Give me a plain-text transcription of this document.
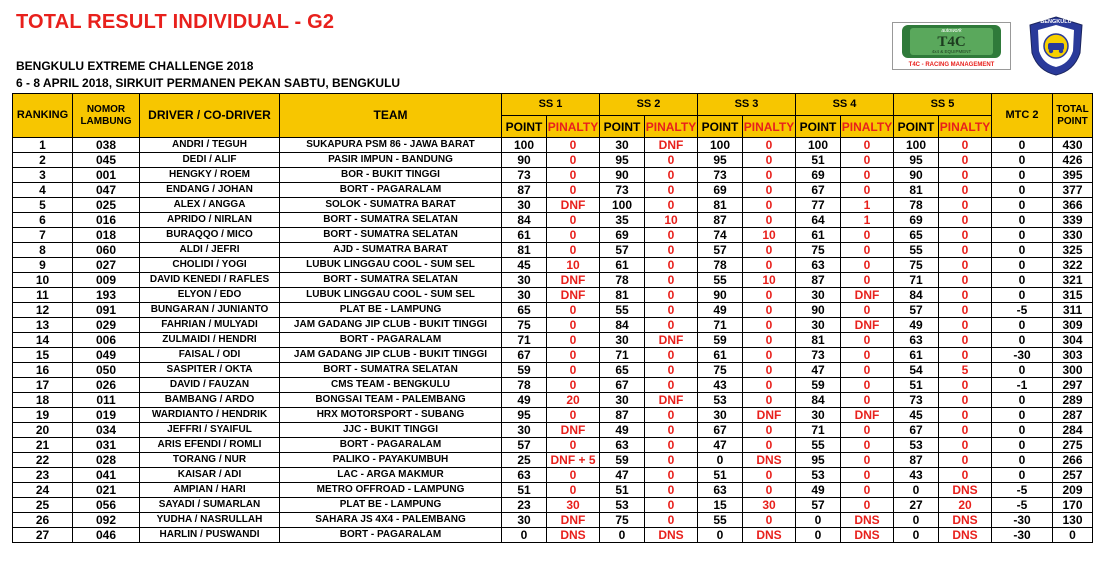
TOTAL RESULT INDIVIDUAL - G2
BENGKULU EXTREME CHALLENGE 2018
6 - 8 APRIL 2018, SIRKUIT PERMANEN PEKAN SABTU, BENGKULU
autowork
T4C
4x4 & EQUIPMENT
T4C - RACING MANAGEMENT
BENGKULU
RANKING	NOMOR LAMBUNG	DRIVER / CO-DRIVER	TEAM	SS 1		SS 2		SS 3		SS 4		SS 5		MTC 2	TOTAL POINT
				POINT	PINALTY	POINT	PINALTY	POINT	PINALTY	POINT	PINALTY	POINT	PINALTY		
1	038	ANDRI / TEGUH	SUKAPURA PSM 86 - JAWA BARAT	100	0	30	DNF	100	0	100	0	100	0	0	430
2	045	DEDI / ALIF	PASIR IMPUN - BANDUNG	90	0	95	0	95	0	51	0	95	0	0	426
3	001	HENGKY / ROEM	BOR - BUKIT TINGGI	73	0	90	0	73	0	69	0	90	0	0	395
4	047	ENDANG / JOHAN	BORT - PAGARALAM	87	0	73	0	69	0	67	0	81	0	0	377
5	025	ALEX / ANGGA	SOLOK - SUMATRA BARAT	30	DNF	100	0	81	0	77	1	78	0	0	366
6	016	APRIDO / NIRLAN	BORT - SUMATRA SELATAN	84	0	35	10	87	0	64	1	69	0	0	339
7	018	BURAQQO / MICO	BORT - SUMATRA SELATAN	61	0	69	0	74	10	61	0	65	0	0	330
8	060	ALDI / JEFRI	AJD - SUMATRA BARAT	81	0	57	0	57	0	75	0	55	0	0	325
9	027	CHOLIDI / YOGI	LUBUK LINGGAU COOL - SUM SEL	45	10	61	0	78	0	63	0	75	0	0	322
10	009	DAVID KENEDI / RAFLES	BORT - SUMATRA SELATAN	30	DNF	78	0	55	10	87	0	71	0	0	321
11	193	ELYON / EDO	LUBUK LINGGAU COOL - SUM SEL	30	DNF	81	0	90	0	30	DNF	84	0	0	315
12	091	BUNGARAN / JUNIANTO	PLAT BE - LAMPUNG	65	0	55	0	49	0	90	0	57	0	-5	311
13	029	FAHRIAN / MULYADI	JAM GADANG JIP CLUB - BUKIT TINGGI	75	0	84	0	71	0	30	DNF	49	0	0	309
14	006	ZULMAIDI / HENDRI	BORT - PAGARALAM	71	0	30	DNF	59	0	81	0	63	0	0	304
15	049	FAISAL / ODI	JAM GADANG JIP CLUB - BUKIT TINGGI	67	0	71	0	61	0	73	0	61	0	-30	303
16	050	SASPITER / OKTA	BORT - SUMATRA SELATAN	59	0	65	0	75	0	47	0	54	5	0	300
17	026	DAVID / FAUZAN	CMS TEAM - BENGKULU	78	0	67	0	43	0	59	0	51	0	-1	297
18	011	BAMBANG / ARDO	BONGSAI TEAM - PALEMBANG	49	20	30	DNF	53	0	84	0	73	0	0	289
19	019	WARDIANTO / HENDRIK	HRX MOTORSPORT - SUBANG	95	0	87	0	30	DNF	30	DNF	45	0	0	287
20	034	JEFFRI / SYAIFUL	JJC - BUKIT TINGGI	30	DNF	49	0	67	0	71	0	67	0	0	284
21	031	ARIS EFENDI / ROMLI	BORT - PAGARALAM	57	0	63	0	47	0	55	0	53	0	0	275
22	028	TORANG / NUR	PALIKO - PAYAKUMBUH	25	DNF + 5	59	0	0	DNS	95	0	87	0	0	266
23	041	KAISAR / ADI	LAC - ARGA MAKMUR	63	0	47	0	51	0	53	0	43	0	0	257
24	021	AMPIAN / HARI	METRO OFFROAD - LAMPUNG	51	0	51	0	63	0	49	0	0	DNS	-5	209
25	056	SAYADI / SUMARLAN	PLAT BE - LAMPUNG	23	30	53	0	15	30	57	0	27	20	-5	170
26	092	YUDHA / NASRULLAH	SAHARA JS 4X4 - PALEMBANG	30	DNF	75	0	55	0	0	DNS	0	DNS	-30	130
27	046	HARLIN / PUSWANDI	BORT - PAGARALAM	0	DNS	0	DNS	0	DNS	0	DNS	0	DNS	-30	0
